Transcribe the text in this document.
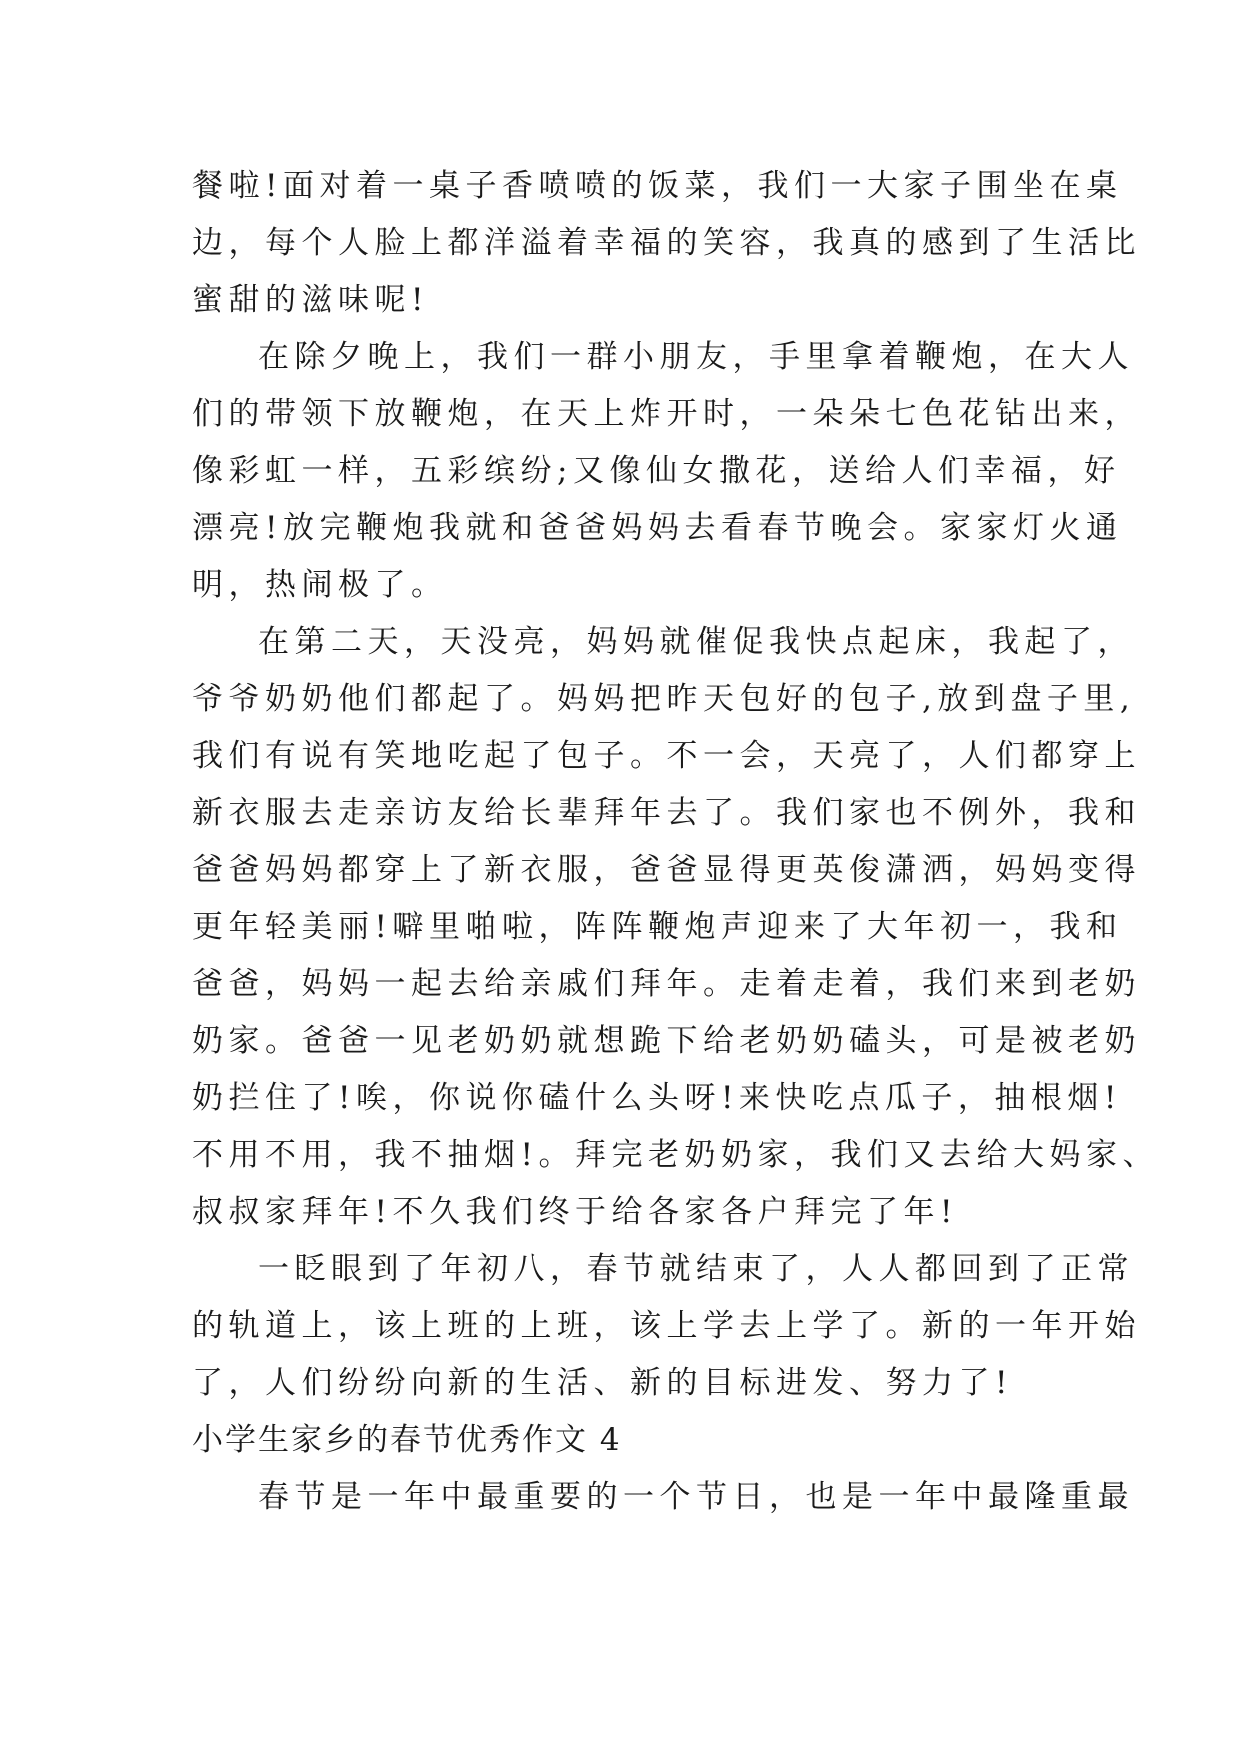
餐啦!面对着一桌子香喷喷的饭菜，我们一大家子围坐在桌
边，每个人脸上都洋溢着幸福的笑容，我真的感到了生活比
蜜甜的滋味呢!
在除夕晚上，我们一群小朋友，手里拿着鞭炮，在大人
们的带领下放鞭炮，在天上炸开时，一朵朵七色花钻出来，
像彩虹一样，五彩缤纷;又像仙女撒花，送给人们幸福，好
漂亮!放完鞭炮我就和爸爸妈妈去看春节晚会。家家灯火通
明，热闹极了。
在第二天，天没亮，妈妈就催促我快点起床，我起了，
爷爷奶奶他们都起了。妈妈把昨天包好的包子,放到盘子里,
我们有说有笑地吃起了包子。不一会，天亮了，人们都穿上
新衣服去走亲访友给长辈拜年去了。我们家也不例外，我和
爸爸妈妈都穿上了新衣服，爸爸显得更英俊潇洒，妈妈变得
更年轻美丽!噼里啪啦，阵阵鞭炮声迎来了大年初一，我和
爸爸，妈妈一起去给亲戚们拜年。走着走着，我们来到老奶
奶家。爸爸一见老奶奶就想跪下给老奶奶磕头，可是被老奶
奶拦住了!唉，你说你磕什么头呀!来快吃点瓜子，抽根烟!
不用不用，我不抽烟!。拜完老奶奶家，我们又去给大妈家、
叔叔家拜年!不久我们终于给各家各户拜完了年!
一眨眼到了年初八，春节就结束了，人人都回到了正常
的轨道上，该上班的上班，该上学去上学了。新的一年开始
了，人们纷纷向新的生活、新的目标进发、努力了!
小学生家乡的春节优秀作文 4
春节是一年中最重要的一个节日，也是一年中最隆重最
